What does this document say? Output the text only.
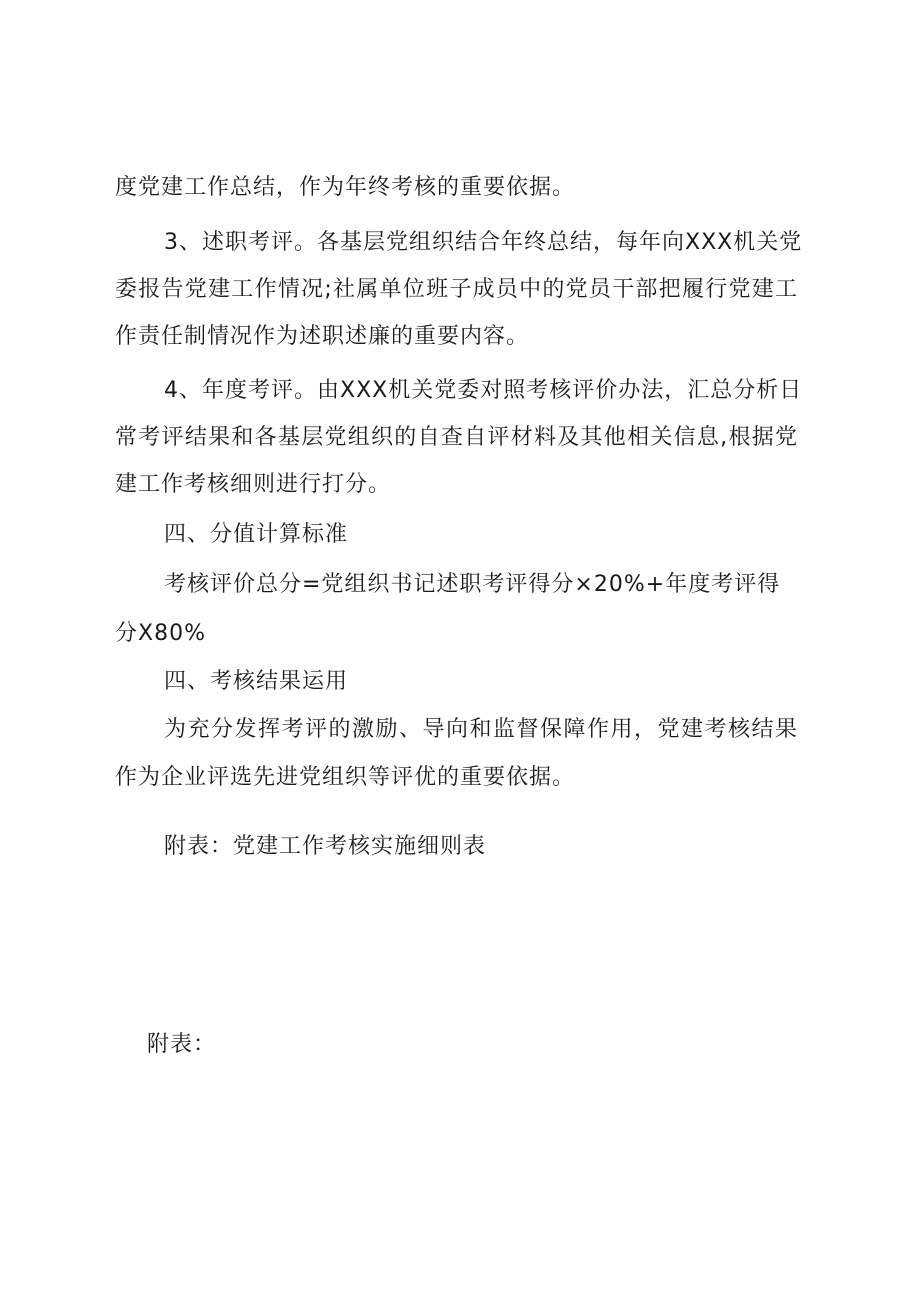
度党建工作总结，作为年终考核的重要依据。
3、述职考评。各基层党组织结合年终总结，每年向XXX机关党
委报告党建工作情况;社属单位班子成员中的党员干部把履行党建工
作责任制情况作为述职述廉的重要内容。
4、年度考评。由XXX机关党委对照考核评价办法，汇总分析日
常考评结果和各基层党组织的自查自评材料及其他相关信息,根据党
建工作考核细则进行打分。
四、分值计算标准
考核评价总分=党组织书记述职考评得分×20%+年度考评得
分X80%
四、考核结果运用
为充分发挥考评的激励、导向和监督保障作用，党建考核结果
作为企业评选先进党组织等评优的重要依据。
附表：党建工作考核实施细则表
附表：
